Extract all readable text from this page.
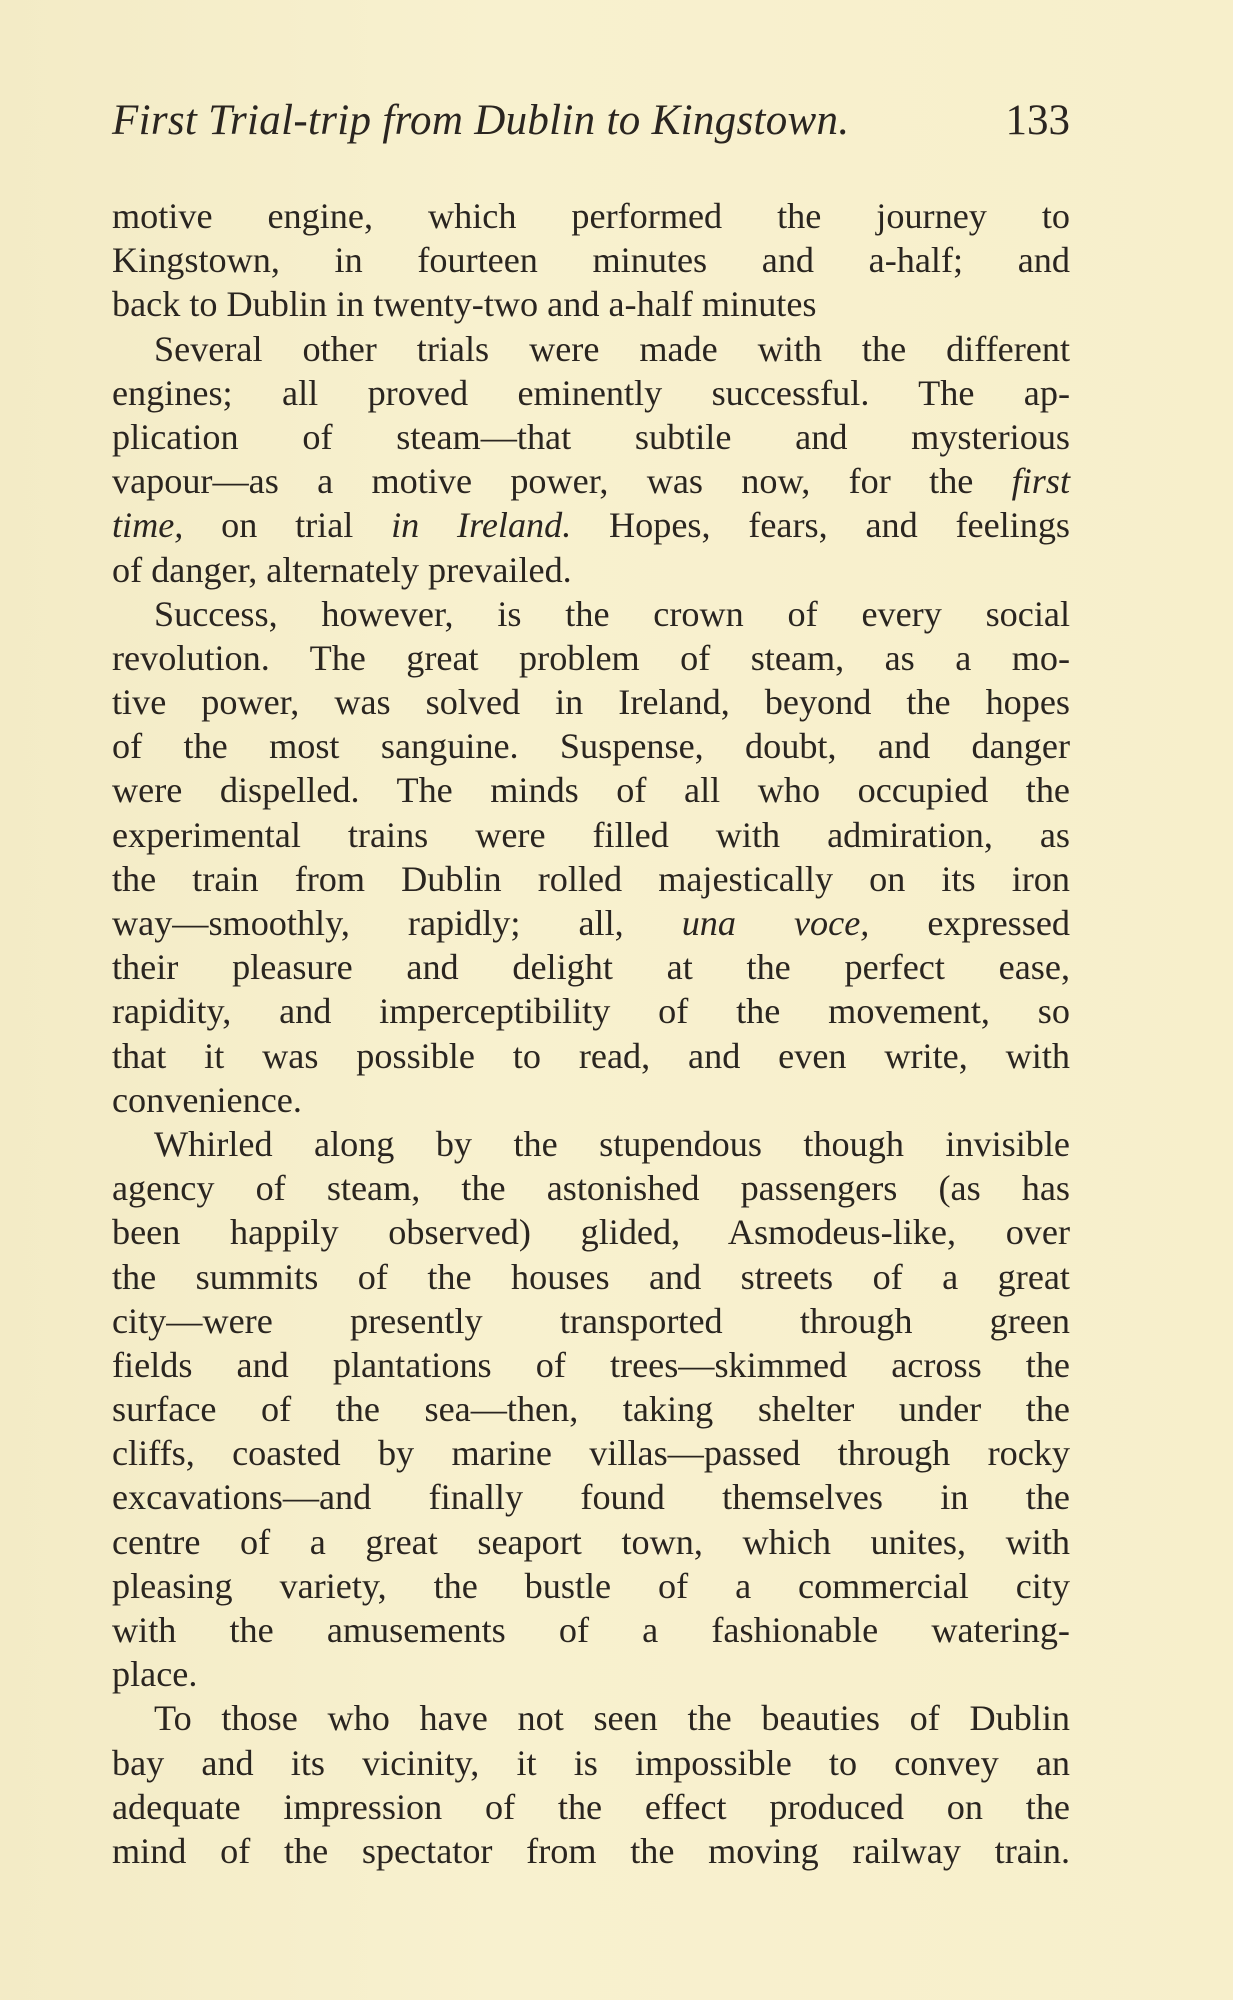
First Trial-trip from Dublin to Kingstown.	133
motive engine, which performed the journey to
Kingstown, in fourteen minutes and a-half; and
back to Dublin in twenty-two and a-half minutes
Several other trials were made with the different
engines; all proved eminently successful. The ap-
plication of steam—that subtile and mysterious
vapour—as a motive power, was now, for the first
time, on trial in Ireland. Hopes, fears, and feelings
of danger, alternately prevailed.
Success, however, is the crown of every social
revolution. The great problem of steam, as a mo-
tive power, was solved in Ireland, beyond the hopes
of the most sanguine. Suspense, doubt, and danger
were dispelled. The minds of all who occupied the
experimental trains were filled with admiration, as
the train from Dublin rolled majestically on its iron
way—smoothly, rapidly; all, una voce, expressed
their pleasure and delight at the perfect ease,
rapidity, and imperceptibility of the movement, so
that it was possible to read, and even write, with
convenience.
Whirled along by the stupendous though invisible
agency of steam, the astonished passengers (as has
been happily observed) glided, Asmodeus-like, over
the summits of the houses and streets of a great
city—were presently transported through green
fields and plantations of trees—skimmed across the
surface of the sea—then, taking shelter under the
cliffs, coasted by marine villas—passed through rocky
excavations—and finally found themselves in the
centre of a great seaport town, which unites, with
pleasing variety, the bustle of a commercial city
with the amusements of a fashionable watering-
place.
To those who have not seen the beauties of Dublin
bay and its vicinity, it is impossible to convey an
adequate impression of the effect produced on the
mind of the spectator from the moving railway train.
